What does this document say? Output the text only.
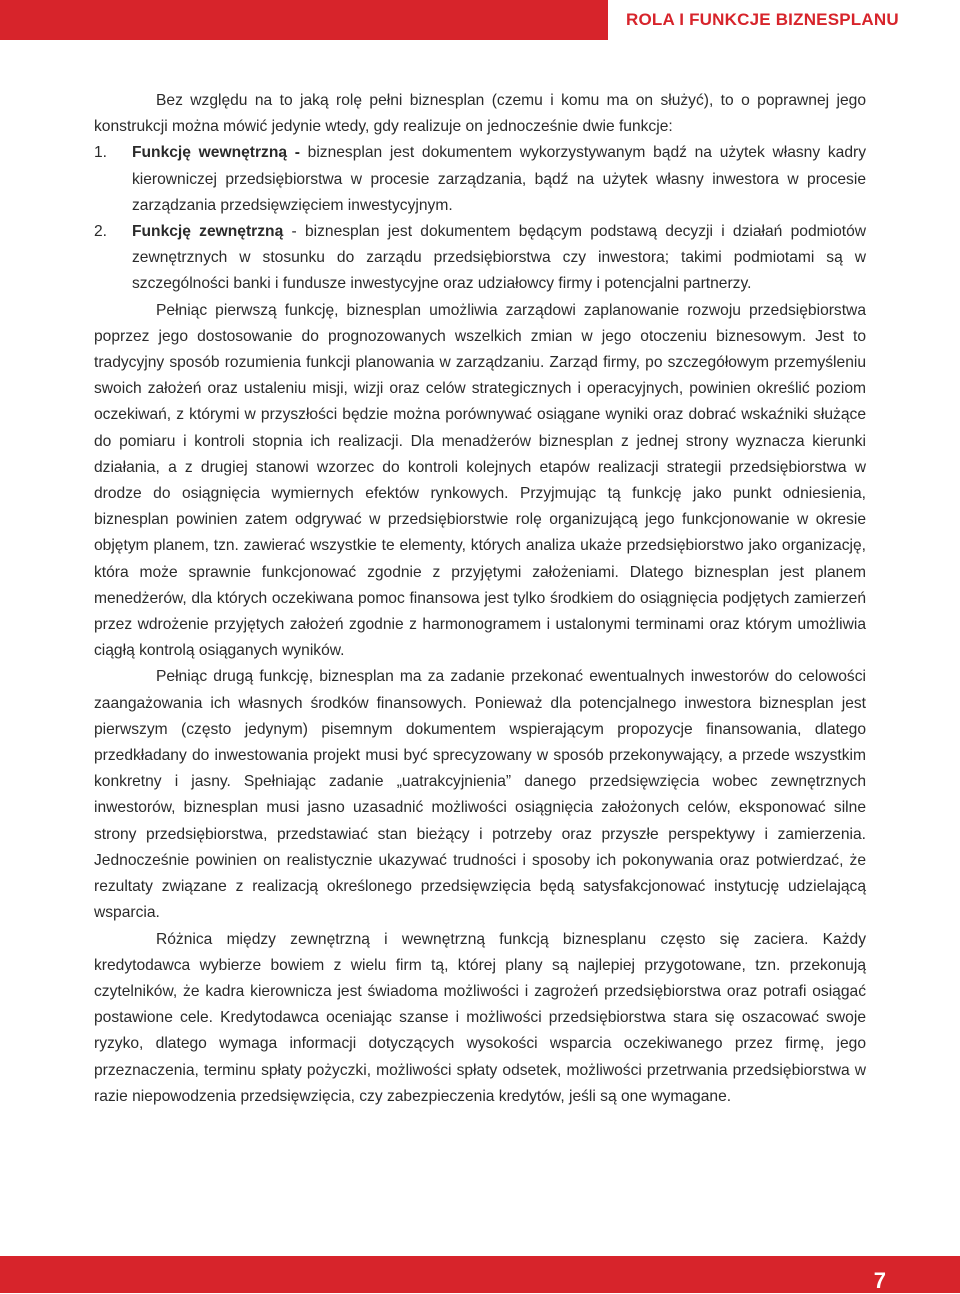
ROLA I FUNKCJE BIZNESPLANU

Bez względu na to jaką rolę pełni biznesplan (czemu i komu ma on służyć), to o poprawnej jego konstrukcji można mówić jedynie wtedy, gdy realizuje on jednocześnie dwie funkcje:

1. Funkcję wewnętrzną - biznesplan jest dokumentem wykorzystywanym bądź na użytek własny kadry kierowniczej przedsiębiorstwa w procesie zarządzania, bądź na użytek własny inwestora w procesie zarządzania przedsięwzięciem inwestycyjnym.
2. Funkcję zewnętrzną - biznesplan jest dokumentem będącym podstawą decyzji i działań podmiotów zewnętrznych w stosunku do zarządu przedsiębiorstwa czy inwestora; takimi podmiotami są w szczególności banki i fundusze inwestycyjne oraz udziałowcy firmy i potencjalni partnerzy.

Pełniąc pierwszą funkcję, biznesplan umożliwia zarządowi zaplanowanie rozwoju przedsiębiorstwa poprzez jego dostosowanie do prognozowanych wszelkich zmian w jego otoczeniu biznesowym. Jest to tradycyjny sposób rozumienia funkcji planowania w zarządzaniu. Zarząd firmy, po szczegółowym przemyśleniu swoich założeń oraz ustaleniu misji, wizji oraz celów strategicznych i operacyjnych, powinien określić poziom oczekiwań, z którymi w przyszłości będzie można porównywać osiągane wyniki oraz dobrać wskaźniki służące do pomiaru i kontroli stopnia ich realizacji. Dla menadżerów biznesplan z jednej strony wyznacza kierunki działania, a z drugiej stanowi wzorzec do kontroli kolejnych etapów realizacji strategii przedsiębiorstwa w drodze do osiągnięcia wymiernych efektów rynkowych. Przyjmując tą funkcję jako punkt odniesienia, biznesplan powinien zatem odgrywać w przedsiębiorstwie rolę organizującą jego funkcjonowanie w okresie objętym planem, tzn. zawierać wszystkie te elementy, których analiza ukaże przedsiębiorstwo jako organizację, która może sprawnie funkcjonować zgodnie z przyjętymi założeniami. Dlatego biznesplan jest planem menedżerów, dla których oczekiwana pomoc finansowa jest tylko środkiem do osiągnięcia podjętych zamierzeń przez wdrożenie przyjętych założeń zgodnie z harmonogramem i ustalonymi terminami oraz którym umożliwia ciągłą kontrolą osiąganych wyników.

Pełniąc drugą funkcję, biznesplan ma za zadanie przekonać ewentualnych inwestorów do celowości zaangażowania ich własnych środków finansowych. Ponieważ dla potencjalnego inwestora biznesplan jest pierwszym (często jedynym) pisemnym dokumentem wspierającym propozycje finansowania, dlatego przedkładany do inwestowania projekt musi być sprecyzowany w sposób przekonywający, a przede wszystkim konkretny i jasny. Spełniając zadanie „uatrakcyjnienia” danego przedsięwzięcia wobec zewnętrznych inwestorów, biznesplan musi jasno uzasadnić możliwości osiągnięcia założonych celów, eksponować silne strony przedsiębiorstwa, przedstawiać stan bieżący i potrzeby oraz przyszłe perspektywy i zamierzenia. Jednocześnie powinien on realistycznie ukazywać trudności i sposoby ich pokonywania oraz potwierdzać, że rezultaty związane z realizacją określonego przedsięwzięcia będą satysfakcjonować instytucję udzielającą wsparcia.

Różnica między zewnętrzną i wewnętrzną funkcją biznesplanu często się zaciera. Każdy kredytodawca wybierze bowiem z wielu firm tą, której plany są najlepiej przygotowane, tzn. przekonują czytelników, że kadra kierownicza jest świadoma możliwości i zagrożeń przedsiębiorstwa oraz potrafi osiągać postawione cele. Kredytodawca oceniając szanse i możliwości przedsiębiorstwa stara się oszacować swoje ryzyko, dlatego wymaga informacji dotyczących wysokości wsparcia oczekiwanego przez firmę, jego przeznaczenia, terminu spłaty pożyczki, możliwości spłaty odsetek, możliwości przetrwania przedsiębiorstwa w razie niepowodzenia przedsięwzięcia, czy zabezpieczenia kredytów, jeśli są one wymagane.

7
